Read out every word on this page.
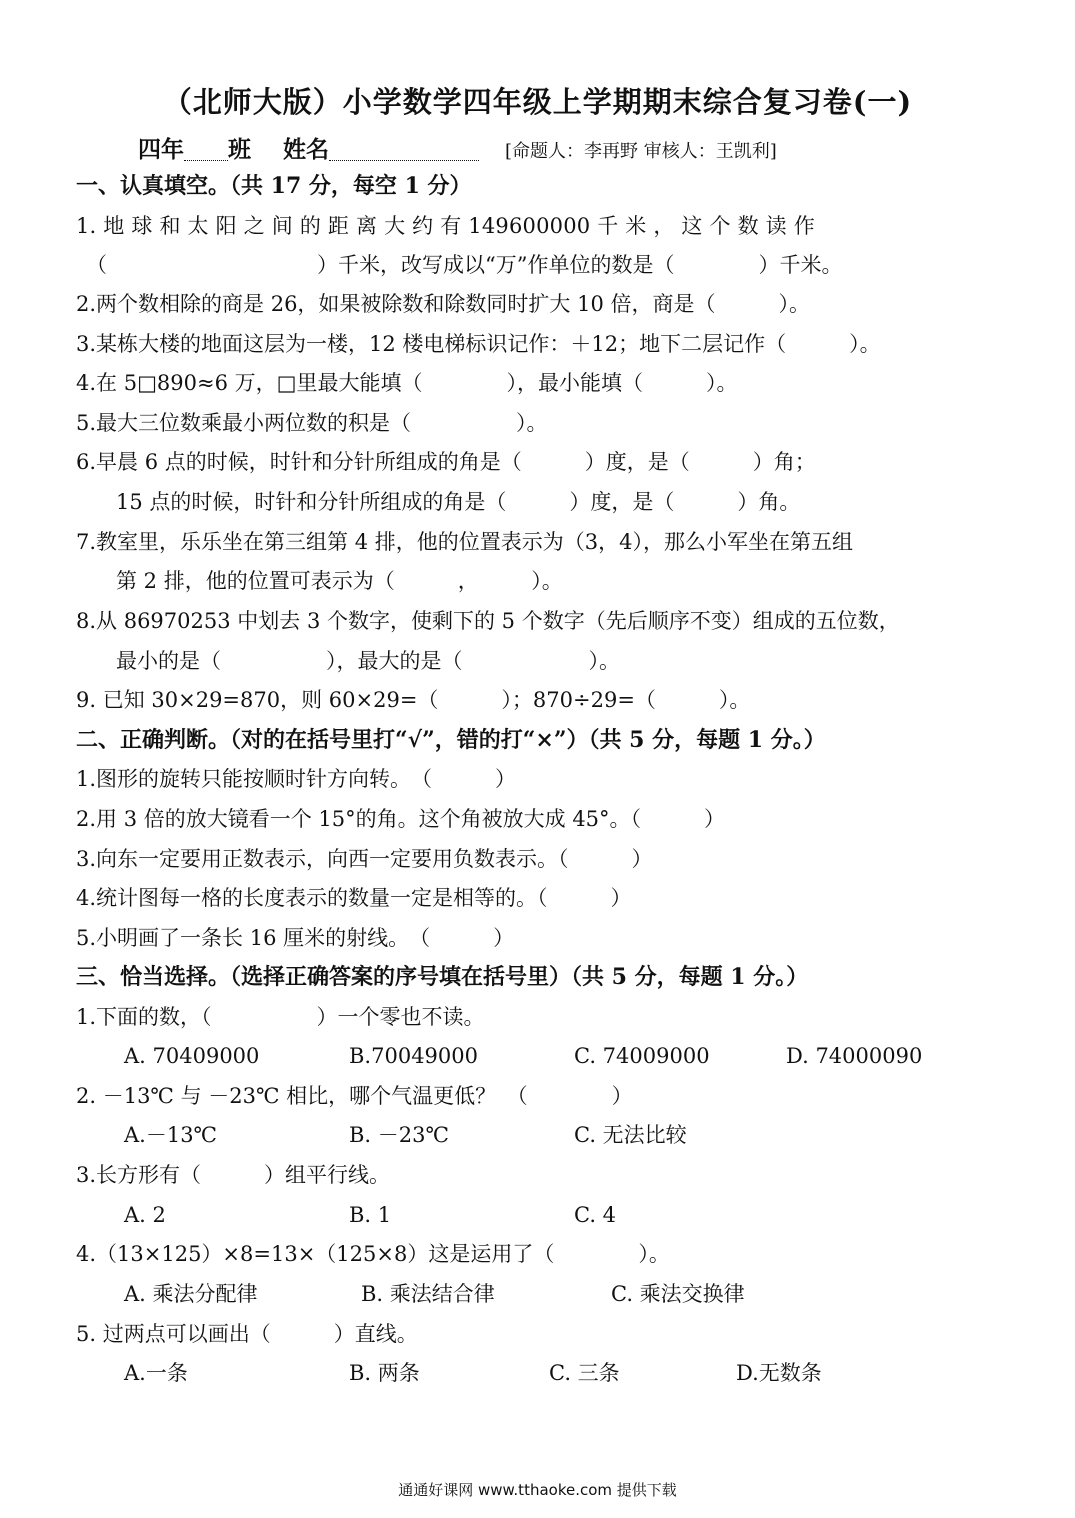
（北师大版）小学数学四年级上学期期末综合复习卷(一)
四年 班 姓名	[命题人：李再野 审核人：王凯利]
一、认真填空。（共 17 分，每空 1 分）
1. 地 球 和 太 阳 之 间 的 距 离 大 约 有 149600000 千 米 ， 这 个 数 读 作
（　　　　　　　　　　）千米，改写成以“万”作单位的数是（　　　　）千米。
2.两个数相除的商是 26，如果被除数和除数同时扩大 10 倍，商是（　　　）。
3.某栋大楼的地面这层为一楼，12 楼电梯标识记作：＋12；地下二层记作（　　　）。
4.在 5□890≈6 万，□里最大能填（　　　　），最小能填（　　　）。
5.最大三位数乘最小两位数的积是（　　　　　）。
6.早晨 6 点的时候，时针和分针所组成的角是（　　　）度，是（　　　）角；
15 点的时候，时针和分针所组成的角是（　　　）度，是（　　　）角。
7.教室里，乐乐坐在第三组第 4 排，他的位置表示为（3，4），那么小军坐在第五组
第 2 排，他的位置可表示为（　　　，　　　）。
8.从 86970253 中划去 3 个数字，使剩下的 5 个数字（先后顺序不变）组成的五位数，
最小的是（　　　　　），最大的是（　　　　　　）。
9. 已知 30×29=870，则 60×29=（　　　）；870÷29=（　　　）。
二、正确判断。（对的在括号里打“√”，错的打“×”）（共 5 分，每题 1 分。）
1.图形的旋转只能按顺时针方向转。　（　　　）
2.用 3 倍的放大镜看一个 15°的角。这个角被放大成 45°。（　　　）
3.向东一定要用正数表示，向西一定要用负数表示。（　　　）
4.统计图每一格的长度表示的数量一定是相等的。（　　　）
5.小明画了一条长 16 厘米的射线。　（　　　）
三、恰当选择。（选择正确答案的序号填在括号里）（共 5 分，每题 1 分。）
1.下面的数，（　　　　　）一个零也不读。
A. 70409000	B.70049000	C. 74009000	D. 74000090
2. －13℃ 与 －23℃ 相比，哪个气温更低？　（　　　　）
A.－13℃	B. －23℃	C. 无法比较
3.长方形有（　　　）组平行线。
A. 2	B. 1	C. 4
4.（13×125）×8=13×（125×8）这是运用了（　　　　）。
A. 乘法分配律	B. 乘法结合律	C. 乘法交换律
5. 过两点可以画出（　　　）直线。
A.一条	B. 两条	C. 三条	D.无数条
通通好课网 www.tthaoke.com 提供下载
